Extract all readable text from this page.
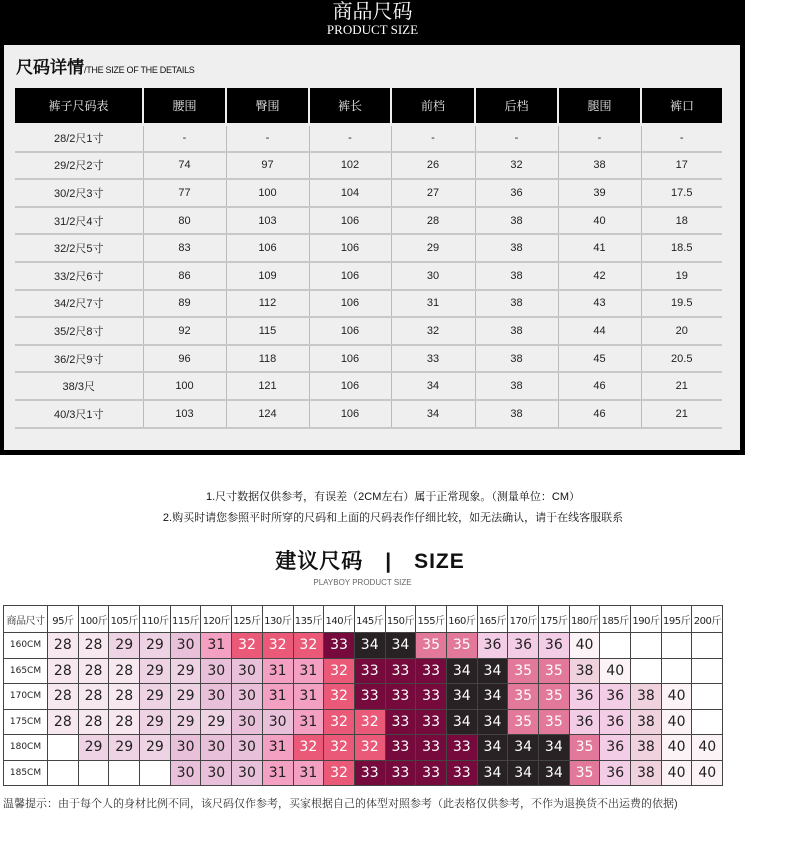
商品尺码
PRODUCT SIZE
尺码详情/THE SIZE OF THE DETAILS
裤子尺码表	腰围	臀围	裤长	前档	后档	腿围	裤口
28/2尺1寸	-	-	-	-	-	-	-
29/2尺2寸	74	97	102	26	32	38	17
30/2尺3寸	77	100	104	27	36	39	17.5
31/2尺4寸	80	103	106	28	38	40	18
32/2尺5寸	83	106	106	29	38	41	18.5
33/2尺6寸	86	109	106	30	38	42	19
34/2尺7寸	89	112	106	31	38	43	19.5
35/2尺8寸	92	115	106	32	38	44	20
36/2尺9寸	96	118	106	33	38	45	20.5
38/3尺	100	121	106	34	38	46	21
40/3尺1寸	103	124	106	34	38	46	21
1.尺寸数据仅供参考，有误差（2CM左右）属于正常现象。（测量单位：CM）
2.购买时请您参照平时所穿的尺码和上面的尺码表作仔细比较，如无法确认，请于在线客服联系
建议尺码 | SIZE
PLAYBOY PRODUCT SIZE
商品尺寸	95斤	100斤	105斤	110斤	115斤	120斤	125斤	130斤	135斤	140斤	145斤	150斤	155斤	160斤	165斤	170斤	175斤	180斤	185斤	190斤	195斤	200斤
160CM	28	28	29	29	30	31	32	32	32	33	34	34	35	35	36	36	36	40				
165CM	28	28	28	29	29	30	30	31	31	32	33	33	33	34	34	35	35	38	40			
170CM	28	28	28	29	29	30	30	31	31	32	33	33	33	34	34	35	35	36	36	38	40	
175CM	28	28	28	29	29	29	30	30	31	32	32	33	33	34	34	35	35	36	36	38	40	
180CM		29	29	29	30	30	30	31	32	32	32	33	33	33	34	34	34	35	36	38	40	40
185CM					30	30	30	31	31	32	33	33	33	33	34	34	34	35	36	38	40	40
温馨提示：由于每个人的身材比例不同，该尺码仅作参考，买家根据自己的体型对照参考（此表格仅供参考，不作为退换货不出运费的依据)
